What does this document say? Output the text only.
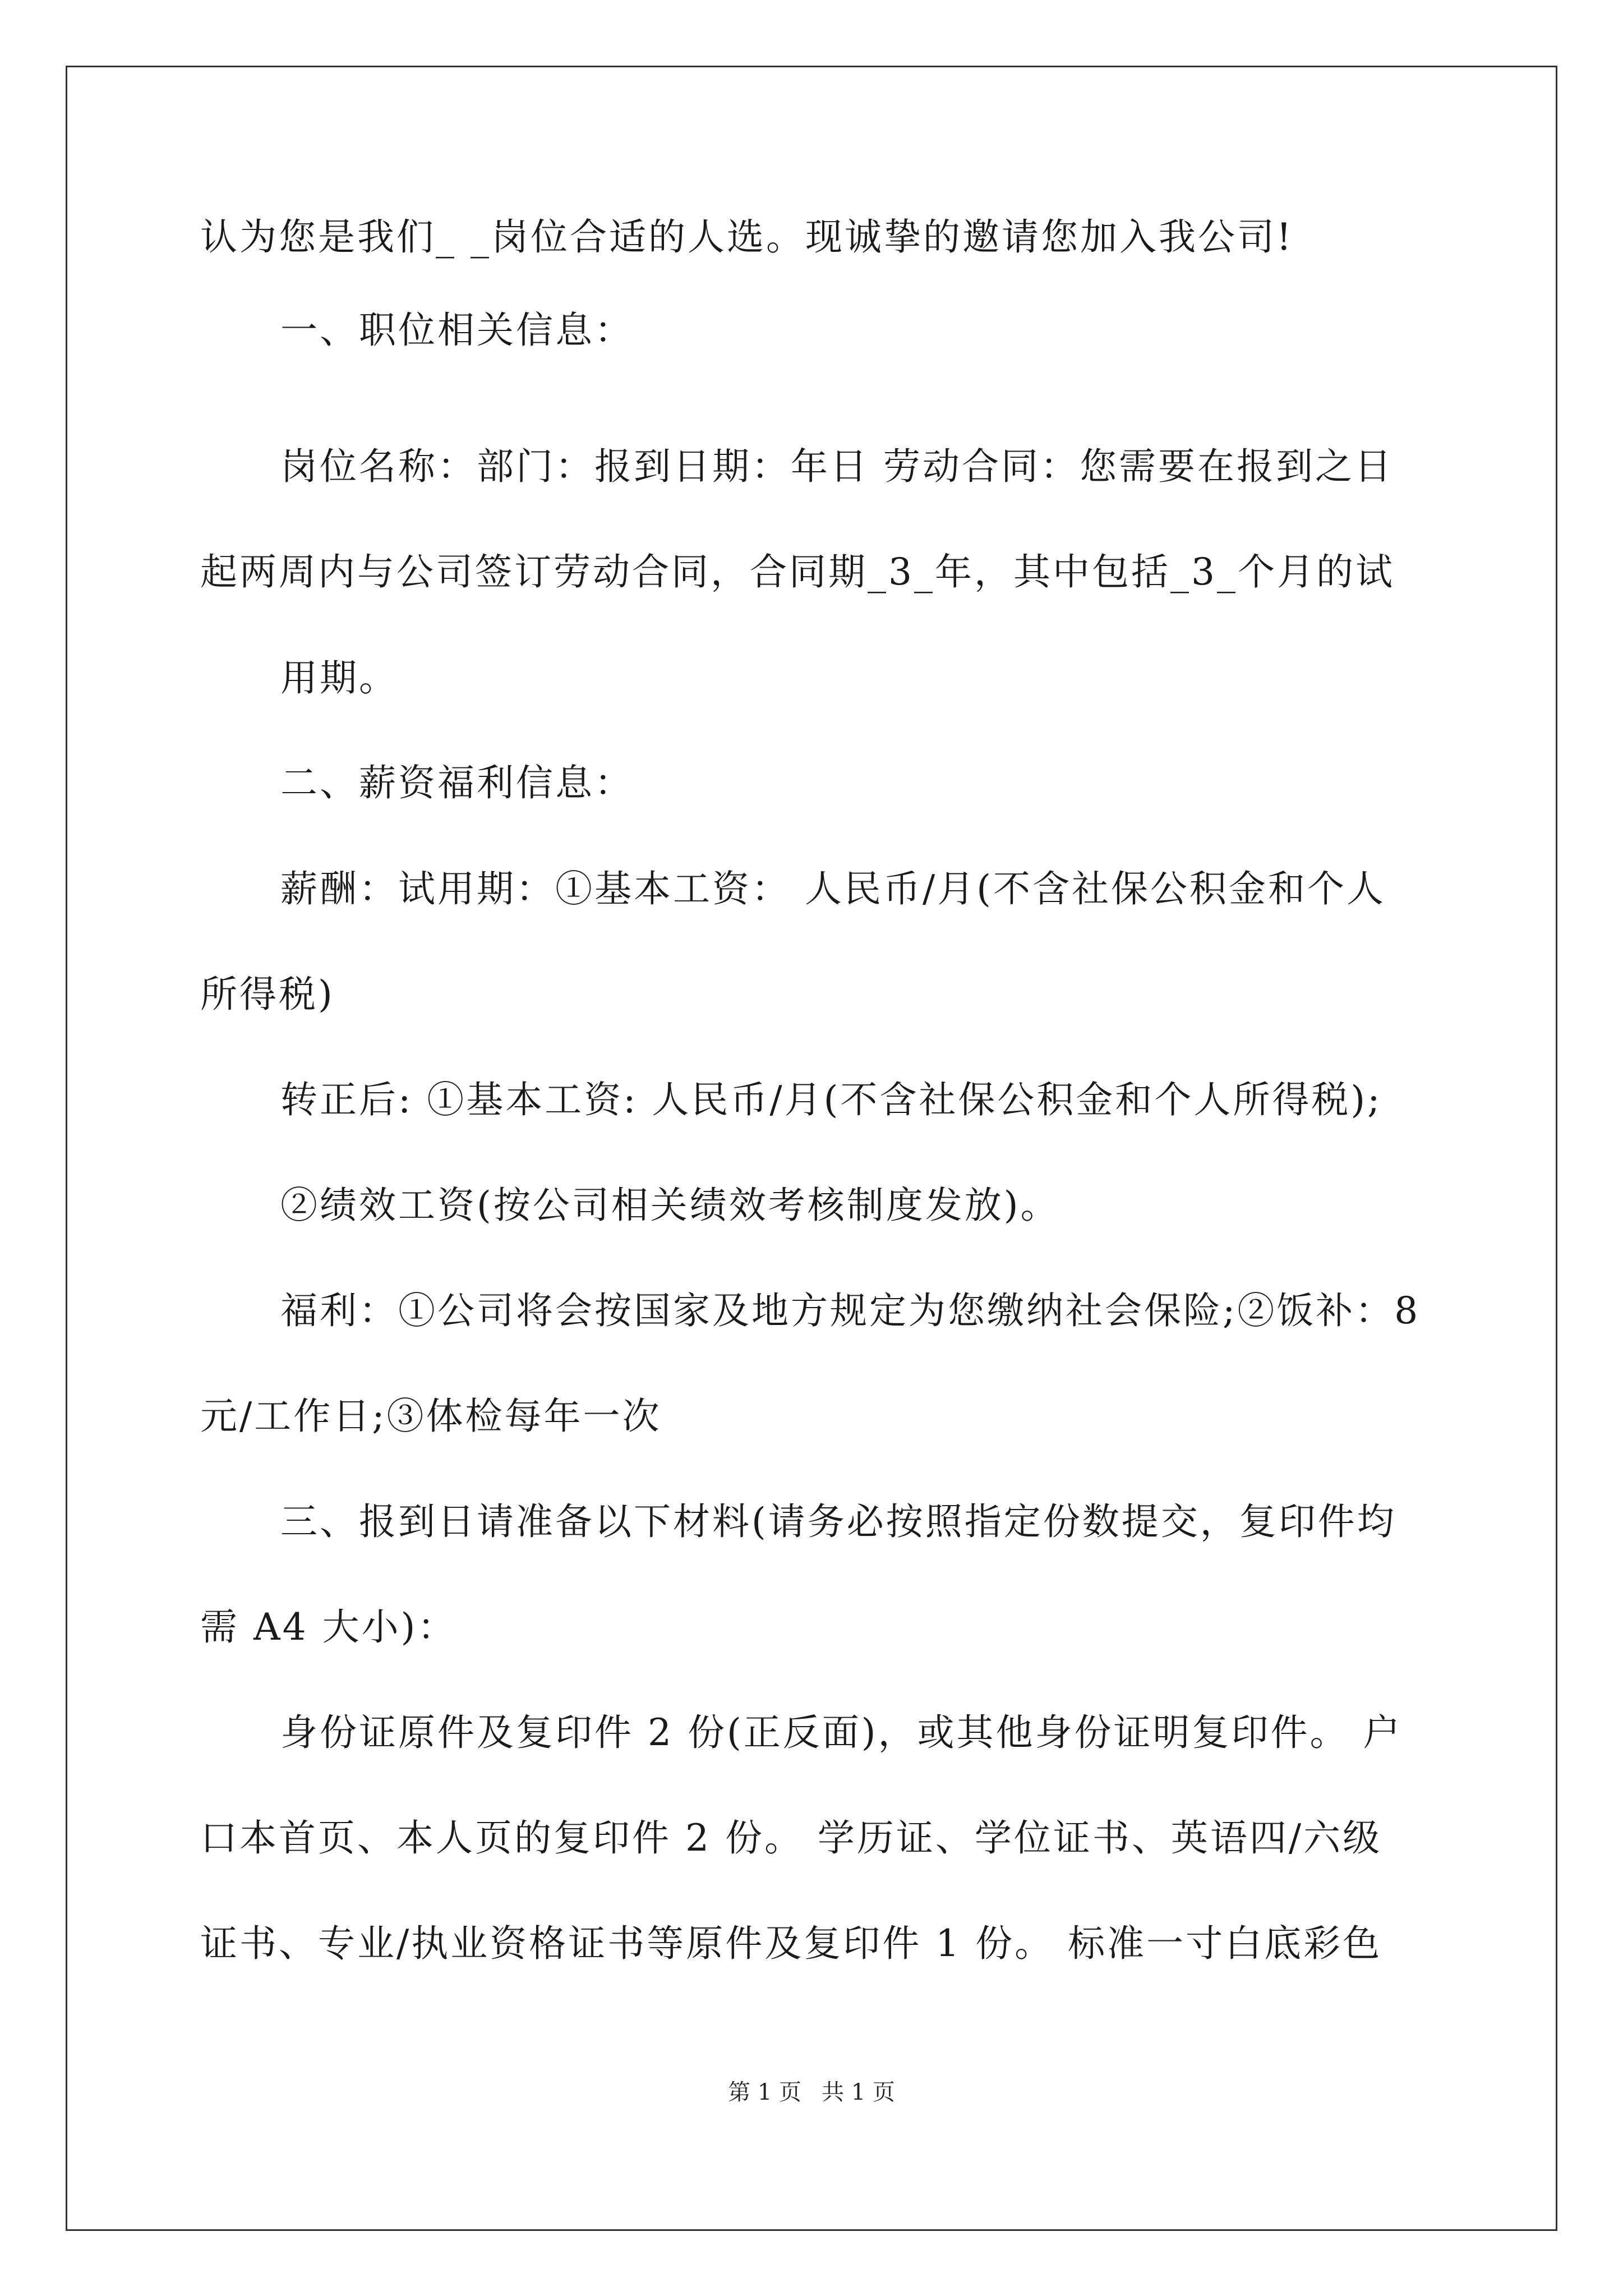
认为您是我们_ _岗位合适的人选。现诚挚的邀请您加入我公司!
一、职位相关信息：
岗位名称：部门：报到日期：年日 劳动合同：您需要在报到之日
起两周内与公司签订劳动合同，合同期_3_年，其中包括_3_个月的试
用期。
二、薪资福利信息：
薪酬：试用期：①基本工资： 人民币/月(不含社保公积金和个人
所得税)
转正后: ①基本工资: 人民币/月(不含社保公积金和个人所得税);
②绩效工资(按公司相关绩效考核制度发放)。
福利：①公司将会按国家及地方规定为您缴纳社会保险;②饭补：8
元/工作日;③体检每年一次
三、报到日请准备以下材料(请务必按照指定份数提交，复印件均
需 A4 大小)：
身份证原件及复印件 2 份(正反面)，或其他身份证明复印件。 户
口本首页、本人页的复印件 2 份。 学历证、学位证书、英语四/六级
证书、专业/执业资格证书等原件及复印件 1 份。 标准一寸白底彩色
第 1 页 共 1 页
